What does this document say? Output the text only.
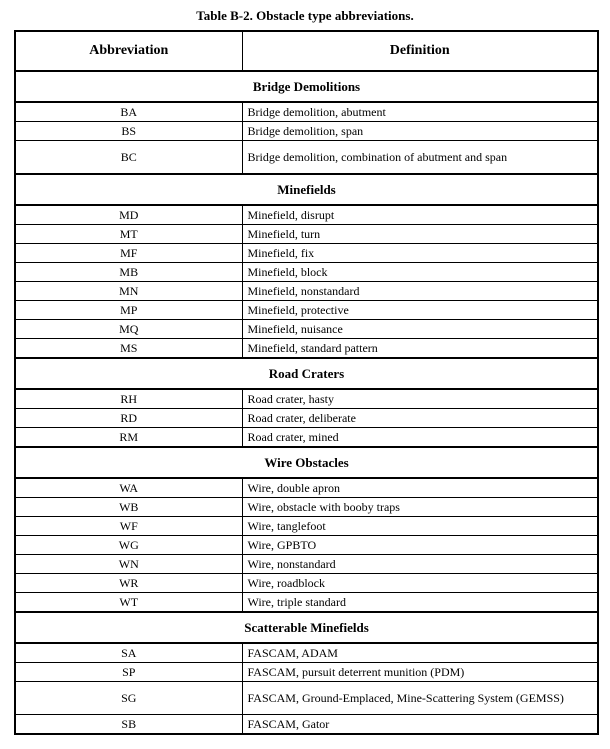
Table B-2. Obstacle type abbreviations.
Abbreviation	Definition
Bridge Demolitions	
BA	Bridge demolition, abutment
BS	Bridge demolition, span
BC	Bridge demolition, combination of abutment and span
Minefields	
MD	Minefield, disrupt
MT	Minefield, turn
MF	Minefield, fix
MB	Minefield, block
MN	Minefield, nonstandard
MP	Minefield, protective
MQ	Minefield, nuisance
MS	Minefield, standard pattern
Road Craters	
RH	Road crater, hasty
RD	Road crater, deliberate
RM	Road crater, mined
Wire Obstacles	
WA	Wire, double apron
WB	Wire, obstacle with booby traps
WF	Wire, tanglefoot
WG	Wire, GPBTO
WN	Wire, nonstandard
WR	Wire, roadblock
WT	Wire, triple standard
Scatterable Minefields	
SA	FASCAM, ADAM
SP	FASCAM, pursuit deterrent munition (PDM)
SG	FASCAM, Ground-Emplaced, Mine-Scattering System (GEMSS)
SB	FASCAM, Gator
